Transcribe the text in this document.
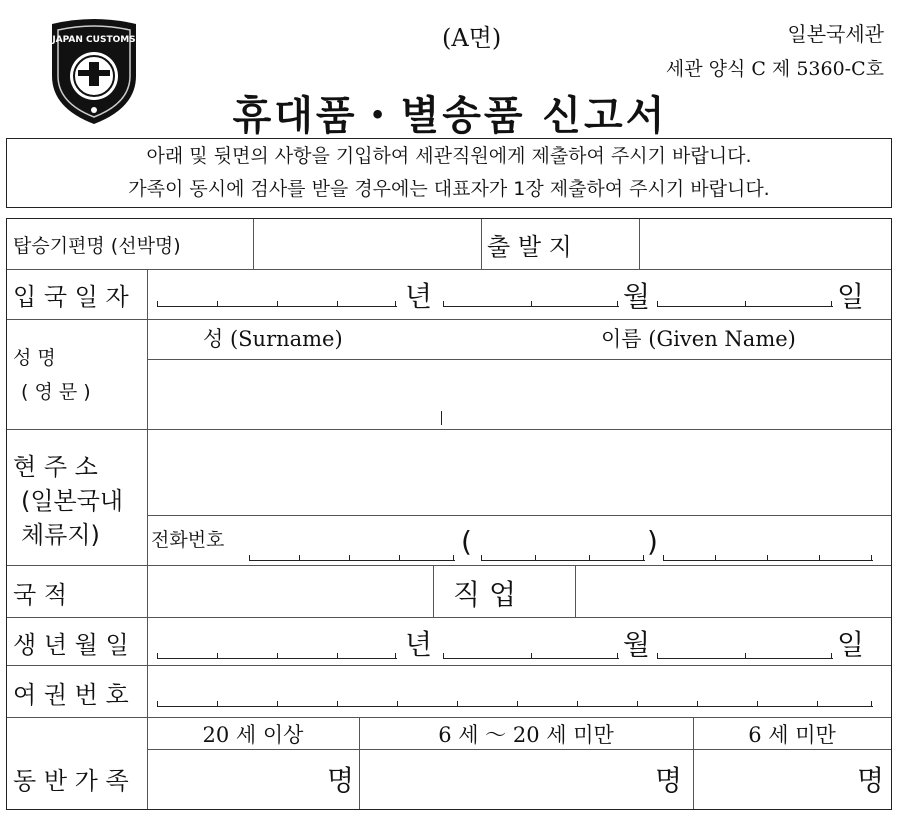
JAPAN CUSTOMS	(A면)	일본국세관
세관 양식 C 제 5360-C호
휴대품・별송품 신고서
아래 및 뒷면의 사항을 기입하여 세관직원에게 제출하여 주시기 바랍니다.
가족이 동시에 검사를 받을 경우에는 대표자가 1장 제출하여 주시기 바랍니다.
탑승기편명 (선박명)	출 발 지
입 국 일 자	년	월	일
성 명
( 영 문 )
성 (Surname)	이름 (Given Name)
현 주 소
(일본국내
체류지)	전화번호	(	)
국 적	직 업
생 년 월 일	년	월	일
여 권 번 호
동 반 가 족
20 세 이상	6 세 ～ 20 세 미만	6 세 미만
명	명	명
